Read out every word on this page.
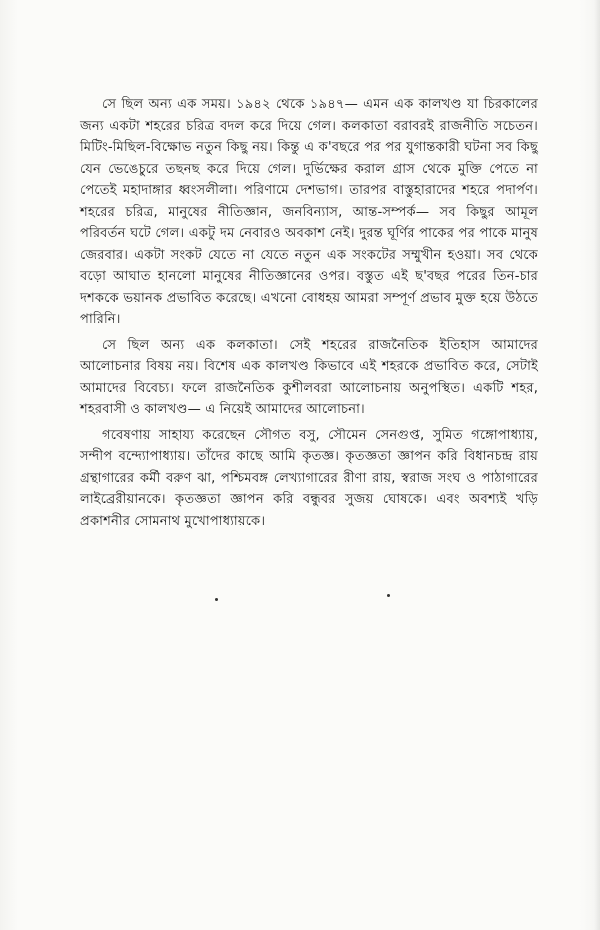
সে ছিল অন্য এক সময়। ১৯৪২ থেকে ১৯৪৭— এমন এক কালখণ্ড যা চিরকালের জন্য একটা শহরের চরিত্র বদল করে দিয়ে গেল। কলকাতা বরাবরই রাজনীতি সচেতন। মিটিং-মিছিল-বিক্ষোভ নতুন কিছু নয়। কিন্তু এ ক'বছরে পর পর যুগান্তকারী ঘটনা সব কিছু যেন ভেঙেচুরে তছনছ করে দিয়ে গেল। দুর্ভিক্ষের করাল গ্রাস থেকে মুক্তি পেতে না পেতেই মহাদাঙ্গার ধ্বংসলীলা। পরিণামে দেশভাগ। তারপর বাস্তুহারাদের শহরে পদার্পণ। শহরের চরিত্র, মানুষের নীতিজ্ঞান, জনবিন্যাস, আন্ত-সম্পর্ক— সব কিছুর আমূল পরিবর্তন ঘটে গেল। একটু দম নেবারও অবকাশ নেই। দুরন্ত ঘূর্ণির পাকের পর পাকে মানুষ জেরবার। একটা সংকট যেতে না যেতে নতুন এক সংকটের সম্মুখীন হওয়া। সব থেকে বড়ো আঘাত হানলো মানুষের নীতিজ্ঞানের ওপর। বস্তুত এই ছ'বছর পরের তিন-চার দশককে ভয়ানক প্রভাবিত করেছে। এখনো বোধহয় আমরা সম্পূর্ণ প্রভাব মুক্ত হয়ে উঠতে পারিনি।

সে ছিল অন্য এক কলকাতা। সেই শহরের রাজনৈতিক ইতিহাস আমাদের আলোচনার বিষয় নয়। বিশেষ এক কালখণ্ড কিভাবে এই শহরকে প্রভাবিত করে, সেটাই আমাদের বিবেচ্য। ফলে রাজনৈতিক কুশীলবরা আলোচনায় অনুপস্থিত। একটি শহর, শহরবাসী ও কালখণ্ড— এ নিয়েই আমাদের আলোচনা।

গবেষণায় সাহায্য করেছেন সৌগত বসু, সৌমেন সেনগুপ্ত, সুমিত গঙ্গোপাধ্যায়, সন্দীপ বন্দ্যোপাধ্যায়। তাঁদের কাছে আমি কৃতজ্ঞ। কৃতজ্ঞতা জ্ঞাপন করি বিধানচন্দ্র রায় গ্রন্থাগারের কর্মী বরুণ ঝা, পশ্চিমবঙ্গ লেখ্যাগারের রীণা রায়, স্বরাজ সংঘ ও পাঠাগারের লাইব্রেরীয়ানকে। কৃতজ্ঞতা জ্ঞাপন করি বন্ধুবর সুজয় ঘোষকে। এবং অবশ্যই খড়ি প্রকাশনীর সোমনাথ মুখোপাধ্যায়কে।
